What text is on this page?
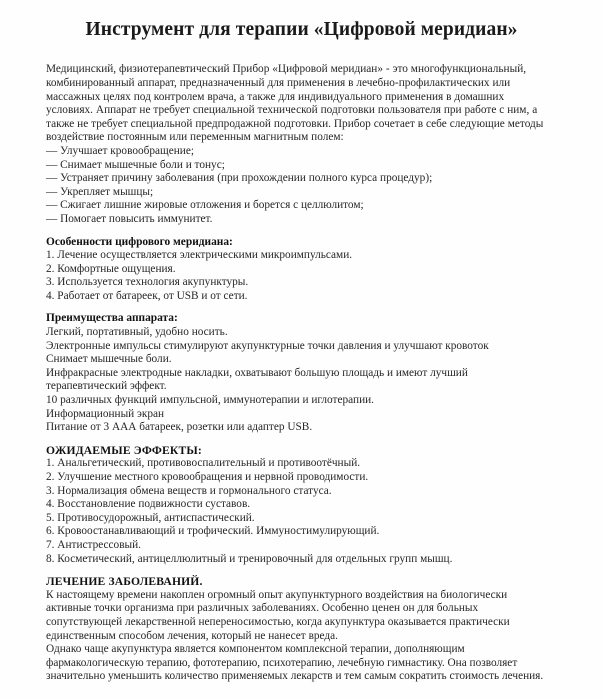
Инструмент для терапии «Цифровой меридиан»
Медицинский, физиотерапевтический Прибор «Цифровой меридиан» - это многофункциональный,
комбинированный аппарат, предназначенный для применения в лечебно-профилактических или
массажных целях под контролем врача, а также для индивидуального применения в домашних
условиях. Аппарат не требует специальной технической подготовки пользователя при работе с ним, а
также не требует специальной предпродажной подготовки. Прибор сочетает в себе следующие методы
воздействие постоянным или переменным магнитным полем:
— Улучшает кровообращение;
— Снимает мышечные боли и тонус;
— Устраняет причину заболевания (при прохождении полного курса процедур);
— Укрепляет мышцы;
— Сжигает лишние жировые отложения и борется с целлюлитом;
— Помогает повысить иммунитет.
Особенности цифрового меридиана:
1. Лечение осуществляется электрическими микроимпульсами.
2. Комфортные ощущения.
3. Используется технология акупунктуры.
4. Работает от батареек, от USB и от сети.
Преимущества аппарата:
Легкий, портативный, удобно носить.
Электронные импульсы стимулируют акупунктурные точки давления и улучшают кровоток
Снимает мышечные боли.
Инфракрасные электродные накладки, охватывают большую площадь и имеют лучший
терапевтический эффект.
10 различных функций импульсной, иммунотерапии и иглотерапии.
Информационный экран
Питание от 3 ААА батареек, розетки или адаптер USB.
ОЖИДАЕМЫЕ ЭФФЕКТЫ:
1. Анальгетический, противовоспалительный и противоотёчный.
2. Улучшение местного кровообращения и нервной проводимости.
3. Нормализация обмена веществ и гормонального статуса.
4. Восстановление подвижности суставов.
5. Противосудорожный, антиспастический.
6. Кровоостанавливающий и трофический. Иммуностимулирующий.
7. Антистрессовый.
8. Косметический, антицеллюлитный и тренировочный для отдельных групп мышц.
ЛЕЧЕНИЕ ЗАБОЛЕВАНИЙ.
К настоящему времени накоплен огромный опыт акупунктурного воздействия на биологически
активные точки организма при различных заболеваниях. Особенно ценен он для больных
сопутствующей лекарственной непереносимостью, когда акупунктура оказывается практически
единственным способом лечения, который не нанесет вреда.
Однако чаще акупунктура является компонентом комплексной терапии, дополняющим
фармакологическую терапию, фототерапию, психотерапию, лечебную гимнастику. Она позволяет
значительно уменьшить количество применяемых лекарств и тем самым сократить стоимость лечения.
